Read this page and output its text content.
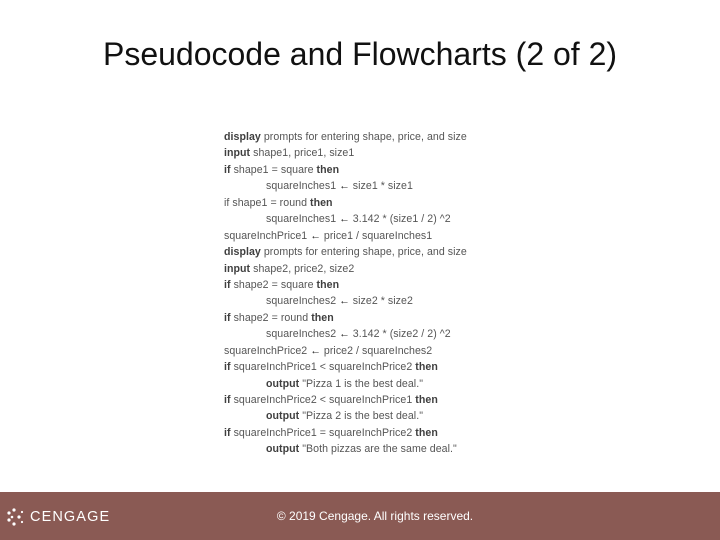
Pseudocode and Flowcharts (2 of 2)
display prompts for entering shape, price, and size
input shape1, price1, size1
if shape1 = square then
squareInches1 ← size1 * size1
if shape1 = round then
squareInches1 ← 3.142 * (size1 / 2) ^2
squareInchPrice1 ← price1 / squareInches1
display prompts for entering shape, price, and size
input shape2, price2, size2
if shape2 = square then
squareInches2 ← size2 * size2
if shape2 = round then
squareInches2 ← 3.142 * (size2 / 2) ^2
squareInchPrice2 ← price2 / squareInches2
if squareInchPrice1 < squareInchPrice2 then
output "Pizza 1 is the best deal."
if squareInchPrice2 < squareInchPrice1 then
output "Pizza 2 is the best deal."
if squareInchPrice1 = squareInchPrice2 then
output "Both pizzas are the same deal."
CENGAGE	© 2019 Cengage. All rights reserved.
